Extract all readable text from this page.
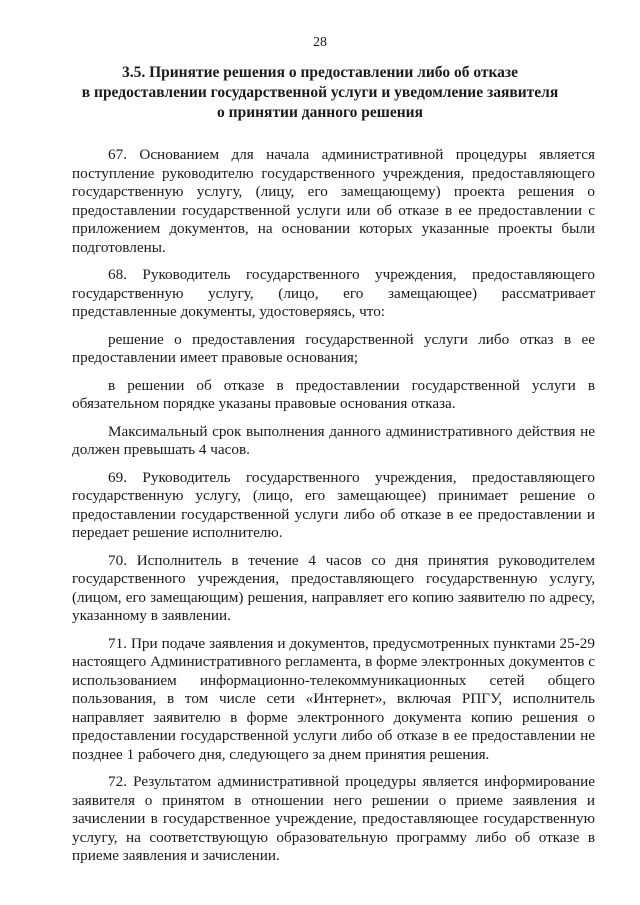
28
3.5. Принятие решения о предоставлении либо об отказе
в предоставлении государственной услуги и уведомление заявителя
о принятии данного решения

67. Основанием для начала административной процедуры является поступление руководителю государственного учреждения, предоставляющего государственную услугу, (лицу, его замещающему) проекта решения о предоставлении государственной услуги или об отказе в ее предоставлении с приложением документов, на основании которых указанные проекты были подготовлены.

68. Руководитель государственного учреждения, предоставляющего государственную услугу, (лицо, его замещающее) рассматривает представленные документы, удостоверяясь, что:

решение о предоставления государственной услуги либо отказ в ее предоставлении имеет правовые основания;

в решении об отказе в предоставлении государственной услуги в обязательном порядке указаны правовые основания отказа.

Максимальный срок выполнения данного административного действия не должен превышать 4 часов.

69. Руководитель государственного учреждения, предоставляющего государственную услугу, (лицо, его замещающее) принимает решение о предоставлении государственной услуги либо об отказе в ее предоставлении и передает решение исполнителю.

70. Исполнитель в течение 4 часов со дня принятия руководителем государственного учреждения, предоставляющего государственную услугу, (лицом, его замещающим) решения, направляет его копию заявителю по адресу, указанному в заявлении.

71. При подаче заявления и документов, предусмотренных пунктами 25-29 настоящего Административного регламента, в форме электронных документов с использованием информационно-телекоммуникационных сетей общего пользования, в том числе сети «Интернет», включая РПГУ, исполнитель направляет заявителю в форме электронного документа копию решения о предоставлении государственной услуги либо об отказе в ее предоставлении не позднее 1 рабочего дня, следующего за днем принятия решения.

72. Результатом административной процедуры является информирование заявителя о принятом в отношении него решении о приеме заявления и зачислении в государственное учреждение, предоставляющее государственную услугу, на соответствующую образовательную программу либо об отказе в приеме заявления и зачислении.
